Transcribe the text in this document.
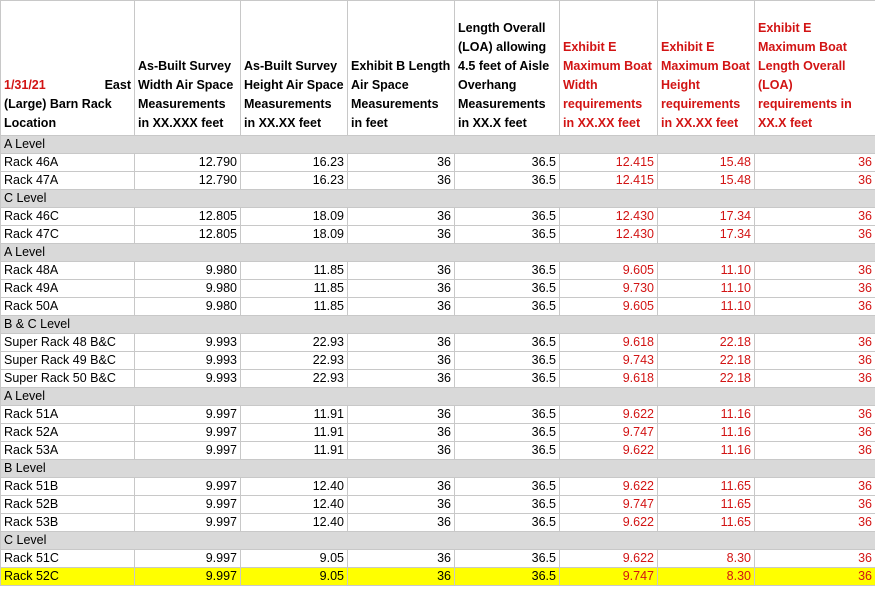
1/31/21 East

(Large) Barn Rack Location	As-Built Survey Width Air Space Measurements in XX.XXX feet	As-Built Survey Height Air Space Measurements in XX.XX feet	Exhibit B Length Air Space Measurements in feet	Length Overall (LOA) allowing 4.5 feet of Aisle Overhang Measurements in XX.X feet	Exhibit E Maximum Boat Width requirements in XX.XX feet	Exhibit E Maximum Boat Height requirements in XX.XX feet	Exhibit E Maximum Boat Length Overall (LOA) requirements in XX.X feet
A Level							
Rack 46A	12.790	16.23	36	36.5	12.415	15.48	36
Rack 47A	12.790	16.23	36	36.5	12.415	15.48	36
C Level							
Rack 46C	12.805	18.09	36	36.5	12.430	17.34	36
Rack 47C	12.805	18.09	36	36.5	12.430	17.34	36
A Level							
Rack 48A	9.980	11.85	36	36.5	9.605	11.10	36
Rack 49A	9.980	11.85	36	36.5	9.730	11.10	36
Rack 50A	9.980	11.85	36	36.5	9.605	11.10	36
B & C Level							
Super Rack 48 B&C	9.993	22.93	36	36.5	9.618	22.18	36
Super Rack 49 B&C	9.993	22.93	36	36.5	9.743	22.18	36
Super Rack 50 B&C	9.993	22.93	36	36.5	9.618	22.18	36
A Level							
Rack 51A	9.997	11.91	36	36.5	9.622	11.16	36
Rack 52A	9.997	11.91	36	36.5	9.747	11.16	36
Rack 53A	9.997	11.91	36	36.5	9.622	11.16	36
B Level							
Rack 51B	9.997	12.40	36	36.5	9.622	11.65	36
Rack 52B	9.997	12.40	36	36.5	9.747	11.65	36
Rack 53B	9.997	12.40	36	36.5	9.622	11.65	36
C Level							
Rack 51C	9.997	9.05	36	36.5	9.622	8.30	36
Rack 52C	9.997	9.05	36	36.5	9.747	8.30	36
